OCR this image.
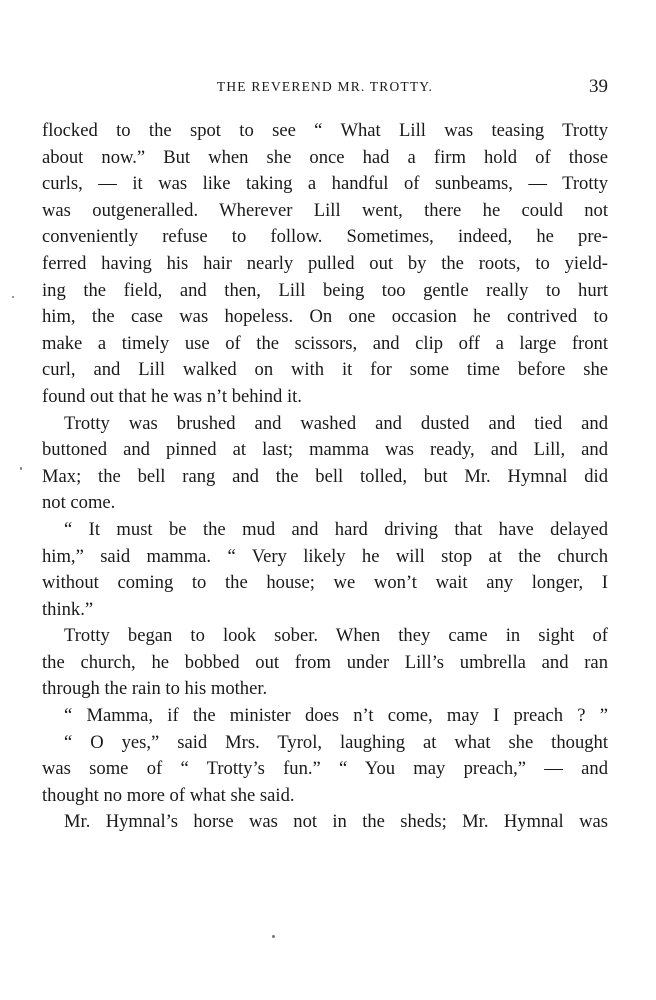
THE REVEREND MR. TROTTY.	39
flocked to the spot to see “ What Lill was teasing Trotty
about now.” But when she once had a firm hold of those
curls, — it was like taking a handful of sunbeams, — Trotty
was outgeneralled. Wherever Lill went, there he could not
conveniently refuse to follow. Sometimes, indeed, he pre-
ferred having his hair nearly pulled out by the roots, to yield-
ing the field, and then, Lill being too gentle really to hurt
him, the case was hopeless. On one occasion he contrived to
make a timely use of the scissors, and clip off a large front
curl, and Lill walked on with it for some time before she
found out that he was n’t behind it.
Trotty was brushed and washed and dusted and tied and
buttoned and pinned at last; mamma was ready, and Lill, and
Max; the bell rang and the bell tolled, but Mr. Hymnal did
not come.
“ It must be the mud and hard driving that have delayed
him,” said mamma. “ Very likely he will stop at the church
without coming to the house; we won’t wait any longer, I
think.”
Trotty began to look sober. When they came in sight of
the church, he bobbed out from under Lill’s umbrella and ran
through the rain to his mother.
“ Mamma, if the minister does n’t come, may I preach ? ”
“ O yes,” said Mrs. Tyrol, laughing at what she thought
was some of “ Trotty’s fun.” “ You may preach,” — and
thought no more of what she said.
Mr. Hymnal’s horse was not in the sheds; Mr. Hymnal was
